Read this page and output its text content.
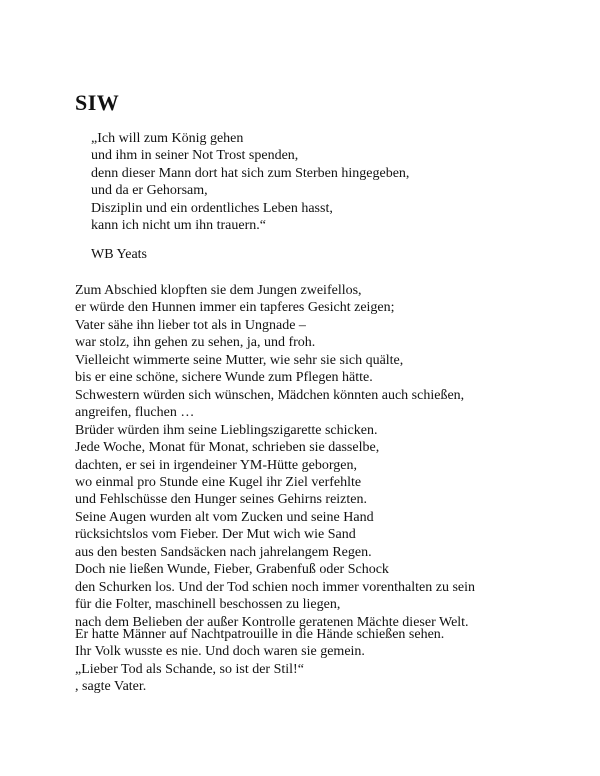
SIW
„Ich will zum König gehen
und ihm in seiner Not Trost spenden,
denn dieser Mann dort hat sich zum Sterben hingegeben,
und da er Gehorsam,
Disziplin und ein ordentliches Leben hasst,
kann ich nicht um ihn trauern.“
WB Yeats
Zum Abschied klopften sie dem Jungen zweifellos,
er würde den Hunnen immer ein tapferes Gesicht zeigen;
Vater sähe ihn lieber tot als in Ungnade –
war stolz, ihn gehen zu sehen, ja, und froh.
Vielleicht wimmerte seine Mutter, wie sehr sie sich quälte,
bis er eine schöne, sichere Wunde zum Pflegen hätte.
Schwestern würden sich wünschen, Mädchen könnten auch schießen,
angreifen, fluchen …
Brüder würden ihm seine Lieblingszigarette schicken.
Jede Woche, Monat für Monat, schrieben sie dasselbe,
dachten, er sei in irgendeiner YM-Hütte geborgen,
wo einmal pro Stunde eine Kugel ihr Ziel verfehlte
und Fehlschüsse den Hunger seines Gehirns reizten.
Seine Augen wurden alt vom Zucken und seine Hand
rücksichtslos vom Fieber. Der Mut wich wie Sand
aus den besten Sandsäcken nach jahrelangem Regen.
Doch nie ließen Wunde, Fieber, Grabenfuß oder Schock
den Schurken los. Und der Tod schien noch immer vorenthalten zu sein
für die Folter, maschinell beschossen zu liegen,
nach dem Belieben der außer Kontrolle geratenen Mächte dieser Welt.
Er hatte Männer auf Nachtpatrouille in die Hände schießen sehen.
Ihr Volk wusste es nie. Und doch waren sie gemein.
„Lieber Tod als Schande, so ist der Stil!“
, sagte Vater.
